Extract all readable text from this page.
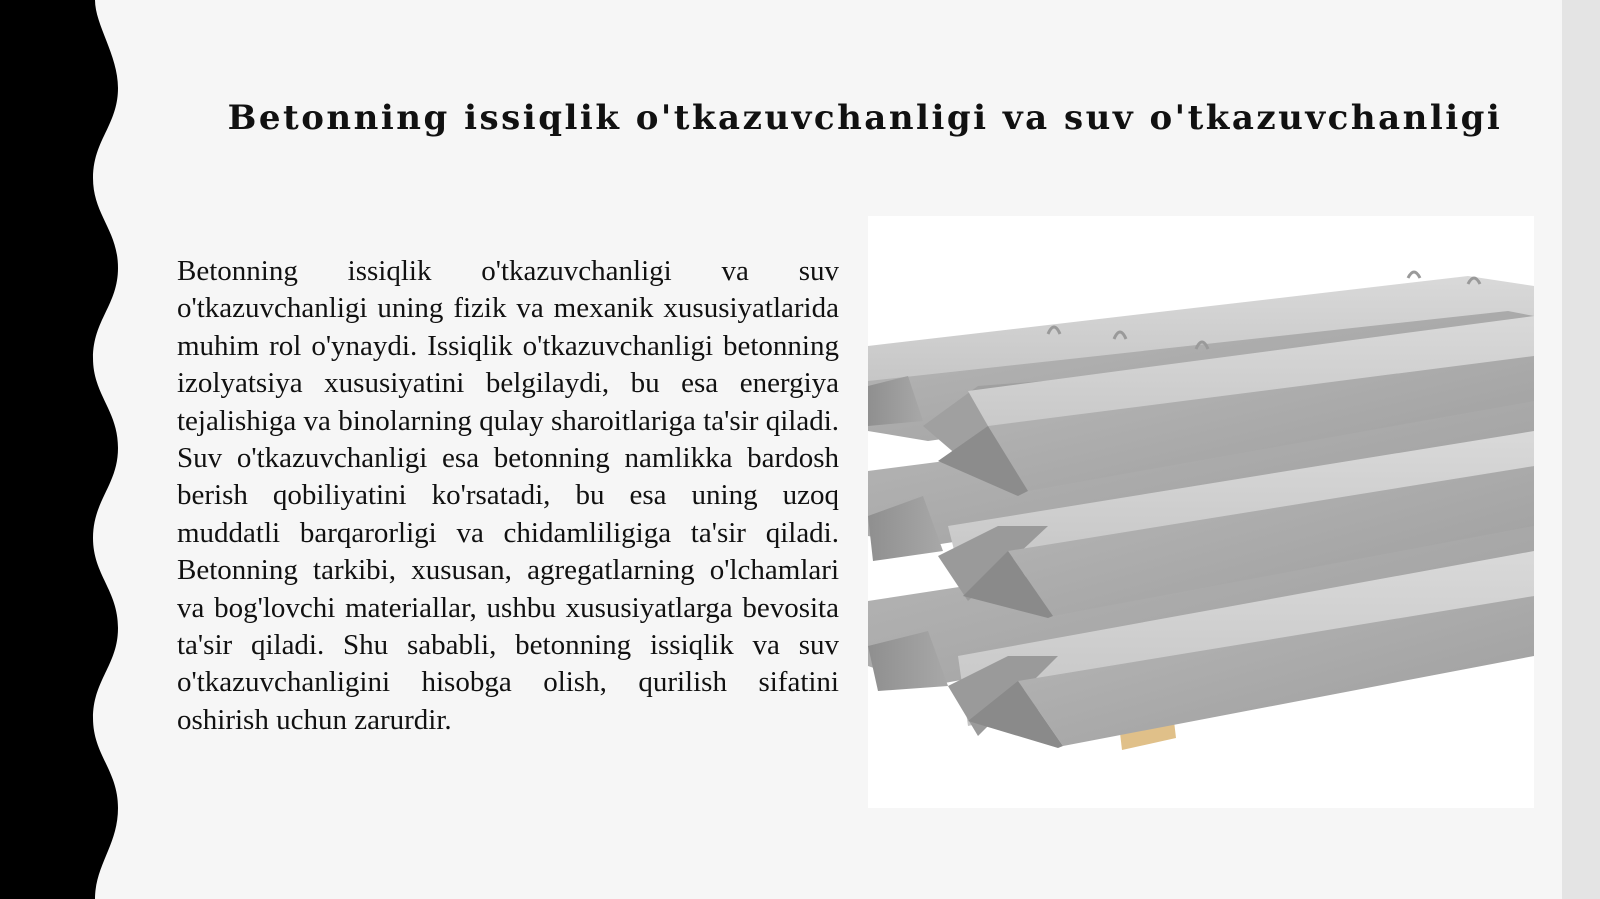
Betonning issiqlik o'tkazuvchanligi va suv o'tkazuvchanligi

Betonning issiqlik o'tkazuvchanligi va suv o'tkazuvchanligi uning fizik va mexanik xususiyatlarida muhim rol o'ynaydi. Issiqlik o'tkazuvchanligi betonning izolyatsiya xususiyatini belgilaydi, bu esa energiya tejalishiga va binolarning qulay sharoitlariga ta'sir qiladi. Suv o'tkazuvchanligi esa betonning namlikka bardosh berish qobiliyatini ko'rsatadi, bu esa uning uzoq muddatli barqarorligi va chidamliligiga ta'sir qiladi. Betonning tarkibi, xususan, agregatlarning o'lchamlari va bog'lovchi materiallar, ushbu xususiyatlarga bevosita ta'sir qiladi. Shu sababli, betonning issiqlik va suv o'tkazuvchanligini hisobga olish, qurilish sifatini oshirish uchun zarurdir.
